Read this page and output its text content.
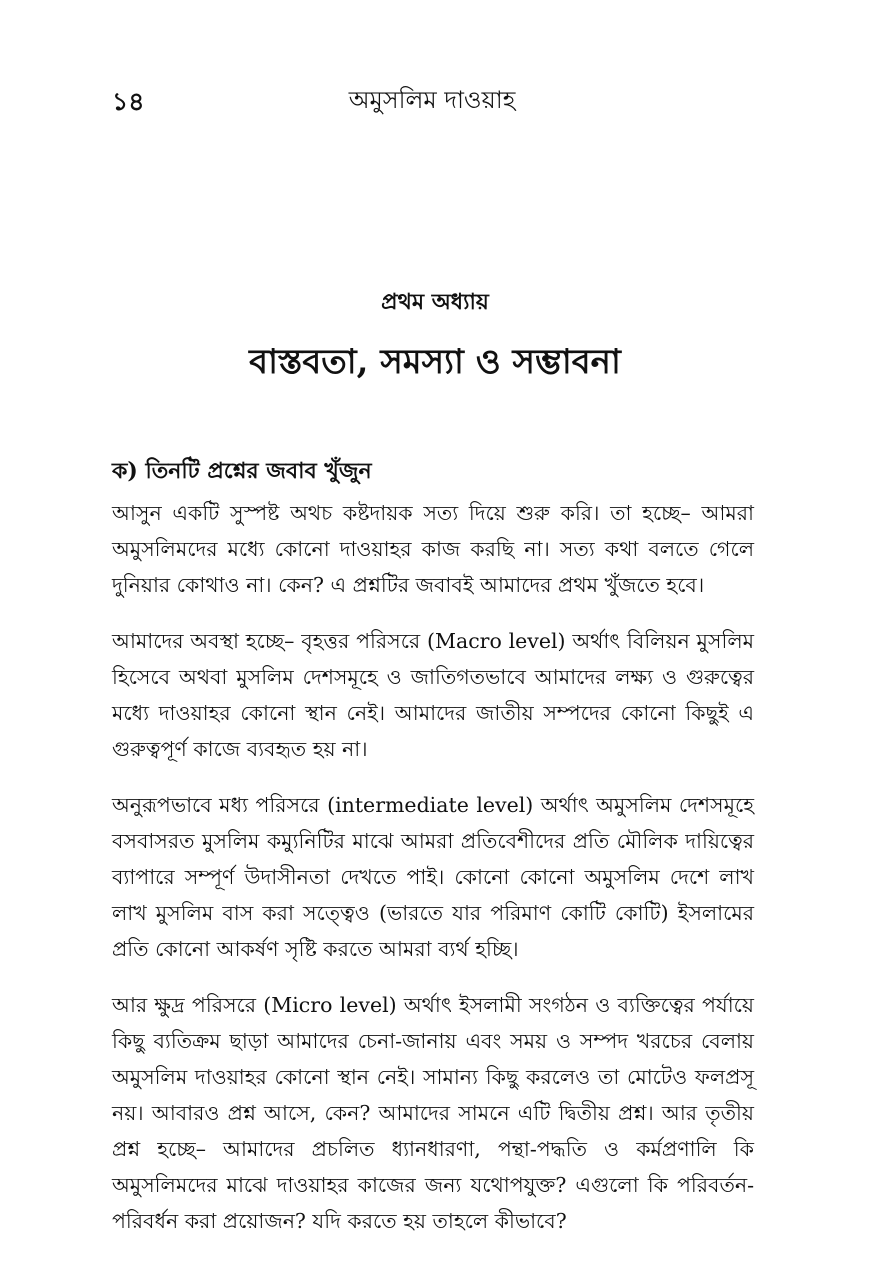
১৪	অমুসলিম দাওয়াহ
প্রথম অধ্যায়
বাস্তবতা, সমস্যা ও সম্ভাবনা
ক) তিনটি প্রশ্নের জবাব খুঁজুন

আসুন একটি সুস্পষ্ট অথচ কষ্টদায়ক সত্য দিয়ে শুরু করি। তা হচ্ছে– আমরা অমুসলিমদের মধ্যে কোনো দাওয়াহর কাজ করছি না। সত্য কথা বলতে গেলে দুনিয়ার কোথাও না। কেন? এ প্রশ্নটির জবাবই আমাদের প্রথম খুঁজতে হবে।

আমাদের অবস্থা হচ্ছে– বৃহত্তর পরিসরে (Macro level) অর্থাৎ বিলিয়ন মুসলিম হিসেবে অথবা মুসলিম দেশসমূহে ও জাতিগতভাবে আমাদের লক্ষ্য ও গুরুত্বের মধ্যে দাওয়াহর কোনো স্থান নেই। আমাদের জাতীয় সম্পদের কোনো কিছুই এ গুরুত্বপূর্ণ কাজে ব্যবহৃত হয় না।

অনুরূপভাবে মধ্য পরিসরে (intermediate level) অর্থাৎ অমুসলিম দেশসমূহে বসবাসরত মুসলিম কম্যুনিটির মাঝে আমরা প্রতিবেশীদের প্রতি মৌলিক দায়িত্বের ব্যাপারে সম্পূর্ণ উদাসীনতা দেখতে পাই। কোনো কোনো অমুসলিম দেশে লাখ লাখ মুসলিম বাস করা সত্ত্বেও (ভারতে যার পরিমাণ কোটি কোটি) ইসলামের প্রতি কোনো আকর্ষণ সৃষ্টি করতে আমরা ব্যর্থ হচ্ছি।

আর ক্ষুদ্র পরিসরে (Micro level) অর্থাৎ ইসলামী সংগঠন ও ব্যক্তিত্বের পর্যায়ে কিছু ব্যতিক্রম ছাড়া আমাদের চেনা-জানায় এবং সময় ও সম্পদ খরচের বেলায় অমুসলিম দাওয়াহর কোনো স্থান নেই। সামান্য কিছু করলেও তা মোটেও ফলপ্রসূ নয়। আবারও প্রশ্ন আসে, কেন? আমাদের সামনে এটি দ্বিতীয় প্রশ্ন। আর তৃতীয় প্রশ্ন হচ্ছে– আমাদের প্রচলিত ধ্যানধারণা, পন্থা-পদ্ধতি ও কর্মপ্রণালি কি অমুসলিমদের মাঝে দাওয়াহর কাজের জন্য যথোপযুক্ত? এগুলো কি পরিবর্তন-পরিবর্ধন করা প্রয়োজন? যদি করতে হয় তাহলে কীভাবে?
